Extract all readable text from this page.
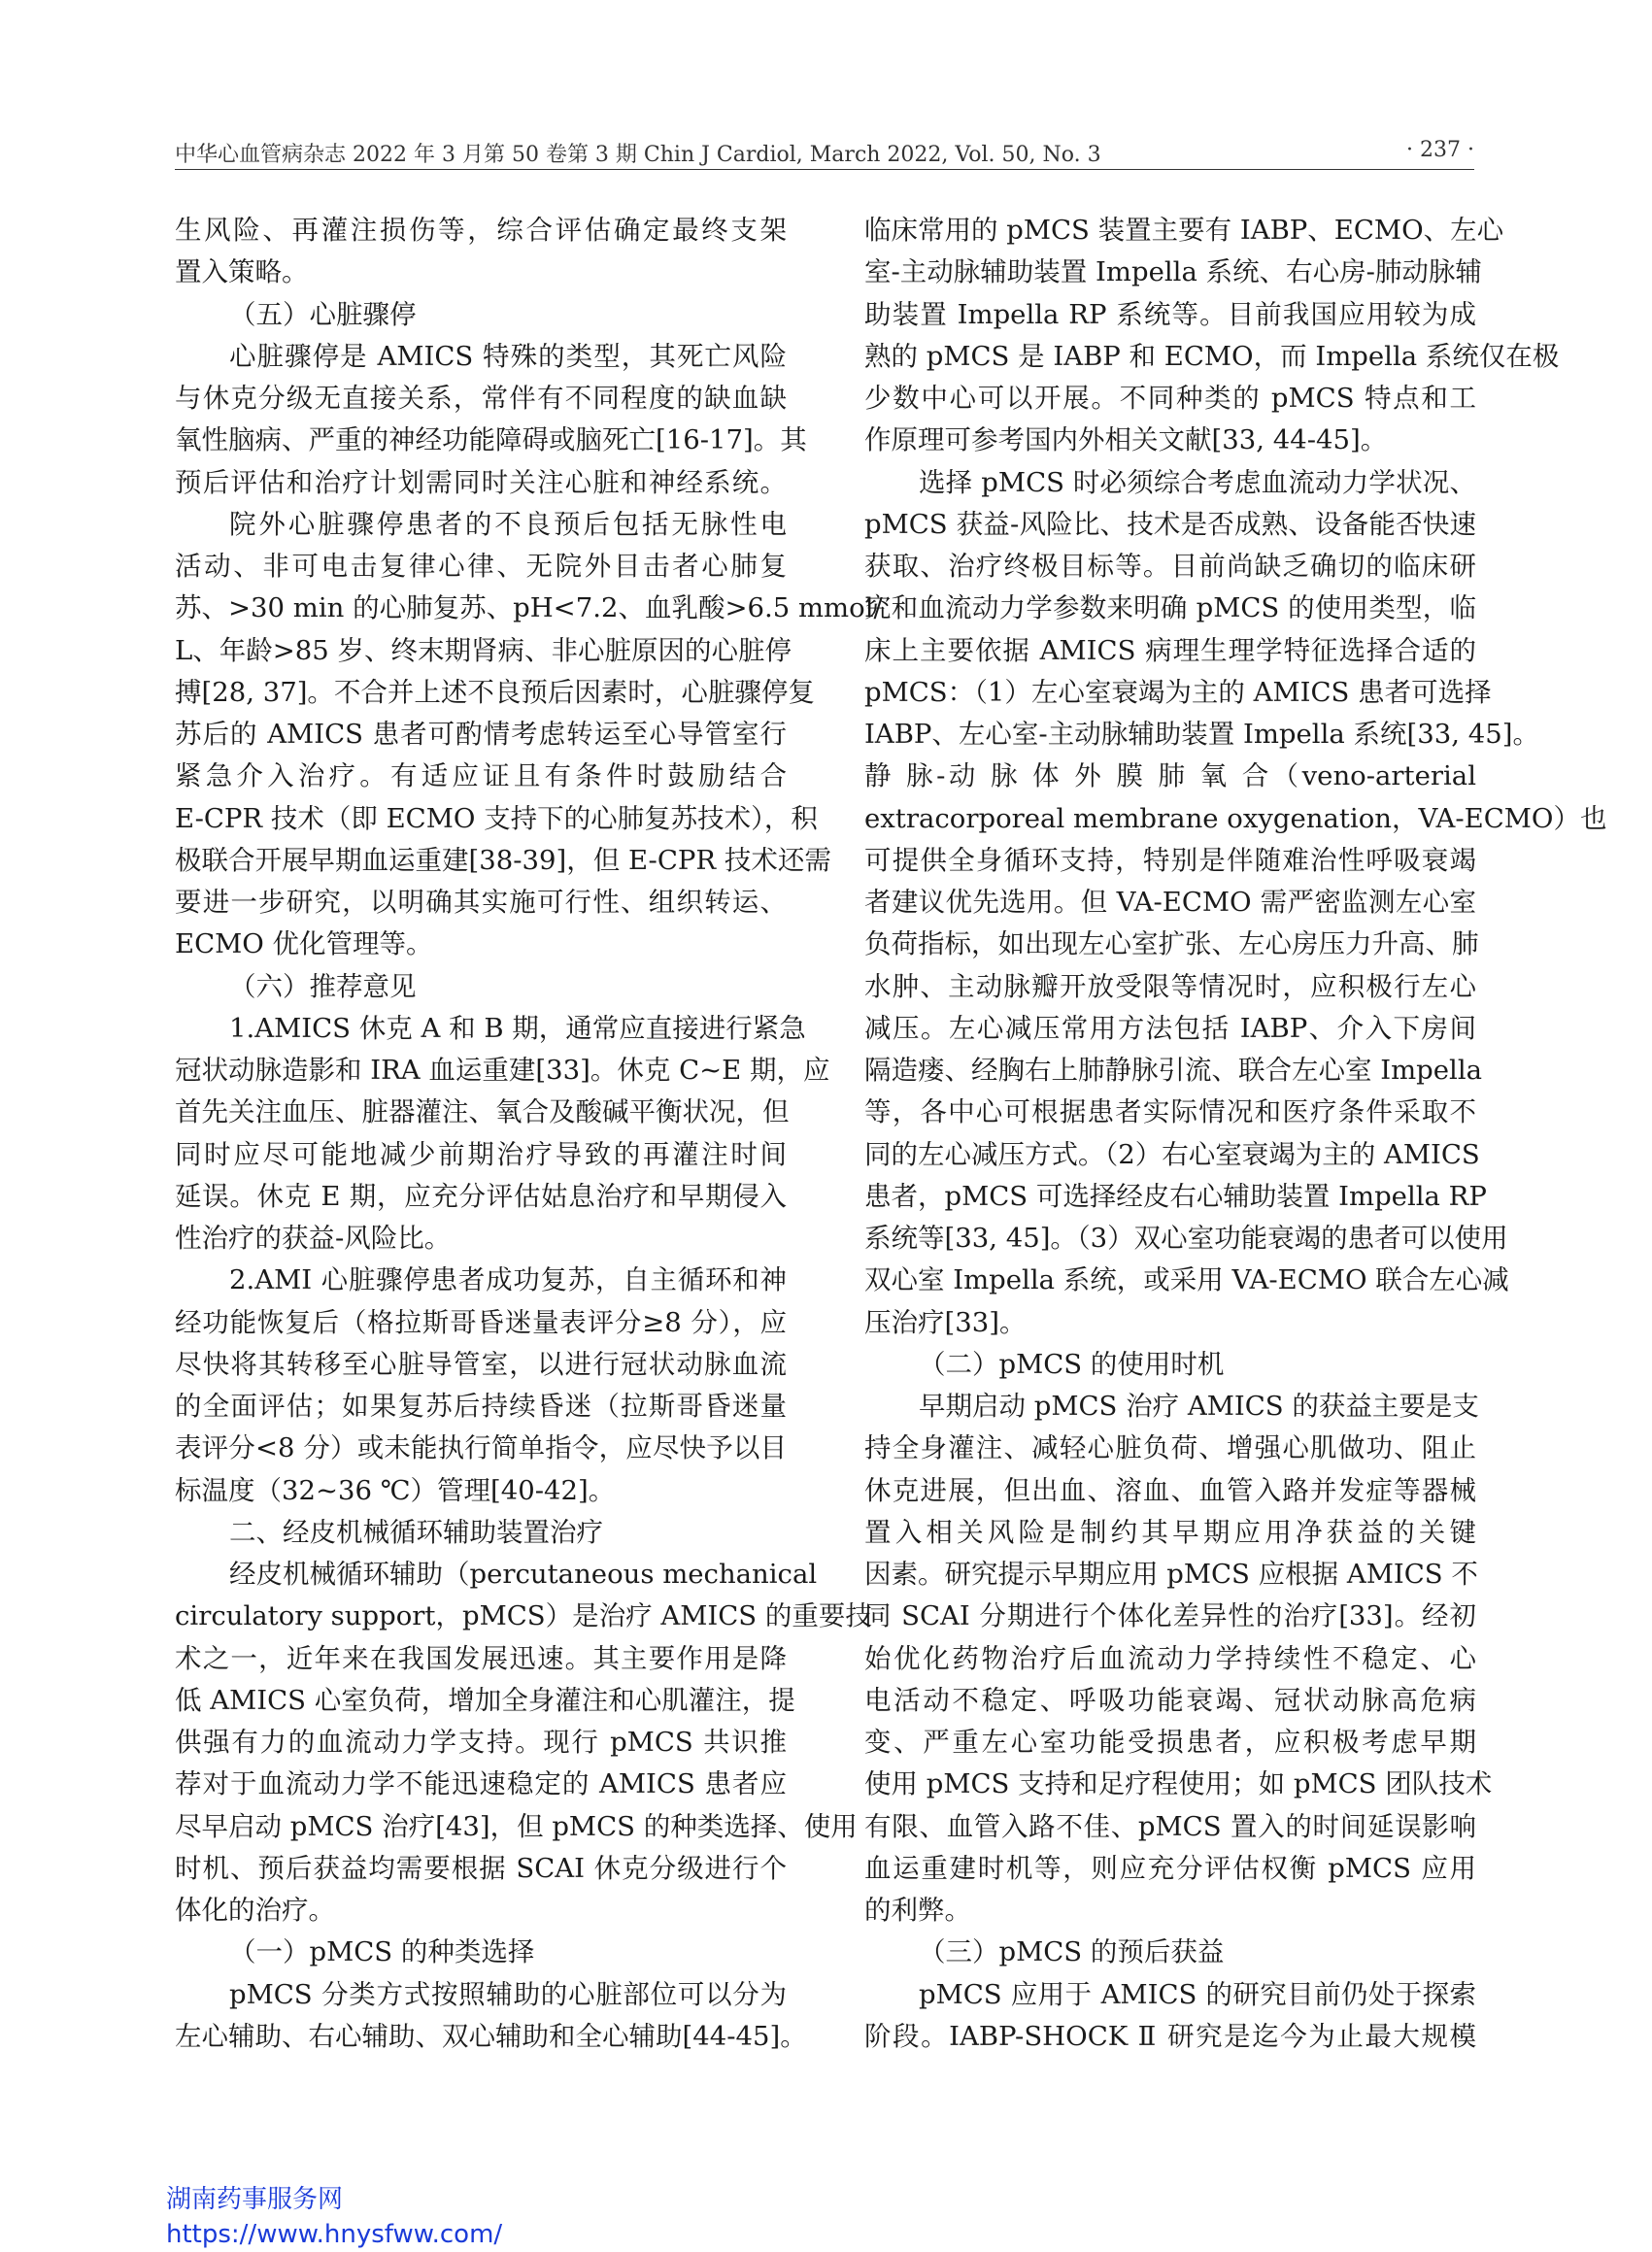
中华心血管病杂志 2022 年 3 月第 50 卷第 3 期 Chin J Cardiol, March 2022, Vol. 50, No. 3	· 237 ·
生风险、再灌注损伤等，综合评估确定最终支架
置入策略。
（五）心脏骤停
心脏骤停是 AMICS 特殊的类型，其死亡风险
与休克分级无直接关系，常伴有不同程度的缺血缺
氧性脑病、严重的神经功能障碍或脑死亡[16-17]。其
预后评估和治疗计划需同时关注心脏和神经系统。
院外心脏骤停患者的不良预后包括无脉性电
活动、非可电击复律心律、无院外目击者心肺复
苏、>30 min 的心肺复苏、pH<7.2、血乳酸>6.5 mmol/
L、年龄>85 岁、终末期肾病、非心脏原因的心脏停
搏[28, 37]。不合并上述不良预后因素时，心脏骤停复
苏后的 AMICS 患者可酌情考虑转运至心导管室行
紧急介入治疗。有适应证且有条件时鼓励结合
E-CPR 技术（即 ECMO 支持下的心肺复苏技术），积
极联合开展早期血运重建[38-39]，但 E-CPR 技术还需
要进一步研究，以明确其实施可行性、组织转运、
ECMO 优化管理等。
（六）推荐意见
1.AMICS 休克 A 和 B 期，通常应直接进行紧急
冠状动脉造影和 IRA 血运重建[33]。休克 C~E 期，应
首先关注血压、脏器灌注、氧合及酸碱平衡状况，但
同时应尽可能地减少前期治疗导致的再灌注时间
延误。休克 E 期，应充分评估姑息治疗和早期侵入
性治疗的获益-风险比。
2.AMI 心脏骤停患者成功复苏，自主循环和神
经功能恢复后（格拉斯哥昏迷量表评分≥8 分），应
尽快将其转移至心脏导管室，以进行冠状动脉血流
的全面评估；如果复苏后持续昏迷（拉斯哥昏迷量
表评分<8 分）或未能执行简单指令，应尽快予以目
标温度（32~36 ℃）管理[40-42]。
二、经皮机械循环辅助装置治疗
经皮机械循环辅助（percutaneous mechanical
circulatory support，pMCS）是治疗 AMICS 的重要技
术之一，近年来在我国发展迅速。其主要作用是降
低 AMICS 心室负荷，增加全身灌注和心肌灌注，提
供强有力的血流动力学支持。现行 pMCS 共识推
荐对于血流动力学不能迅速稳定的 AMICS 患者应
尽早启动 pMCS 治疗[43]，但 pMCS 的种类选择、使用
时机、预后获益均需要根据 SCAI 休克分级进行个
体化的治疗。
（一）pMCS 的种类选择
pMCS 分类方式按照辅助的心脏部位可以分为
左心辅助、右心辅助、双心辅助和全心辅助[44-45]。
临床常用的 pMCS 装置主要有 IABP、ECMO、左心
室-主动脉辅助装置 Impella 系统、右心房-肺动脉辅
助装置 Impella RP 系统等。目前我国应用较为成
熟的 pMCS 是 IABP 和 ECMO，而 Impella 系统仅在极
少数中心可以开展。不同种类的 pMCS 特点和工
作原理可参考国内外相关文献[33, 44-45]。
选择 pMCS 时必须综合考虑血流动力学状况、
pMCS 获益-风险比、技术是否成熟、设备能否快速
获取、治疗终极目标等。目前尚缺乏确切的临床研
究和血流动力学参数来明确 pMCS 的使用类型，临
床上主要依据 AMICS 病理生理学特征选择合适的
pMCS：（1）左心室衰竭为主的 AMICS 患者可选择
IABP、左心室-主动脉辅助装置 Impella 系统[33, 45]。
静 脉-动 脉 体 外 膜 肺 氧 合（veno-arterial
extracorporeal membrane oxygenation，VA-ECMO）也
可提供全身循环支持，特别是伴随难治性呼吸衰竭
者建议优先选用。但 VA-ECMO 需严密监测左心室
负荷指标，如出现左心室扩张、左心房压力升高、肺
水肿、主动脉瓣开放受限等情况时，应积极行左心
减压。左心减压常用方法包括 IABP、介入下房间
隔造瘘、经胸右上肺静脉引流、联合左心室 Impella
等，各中心可根据患者实际情况和医疗条件采取不
同的左心减压方式。（2）右心室衰竭为主的 AMICS
患者，pMCS 可选择经皮右心辅助装置 Impella RP
系统等[33, 45]。（3）双心室功能衰竭的患者可以使用
双心室 Impella 系统，或采用 VA-ECMO 联合左心减
压治疗[33]。
（二）pMCS 的使用时机
早期启动 pMCS 治疗 AMICS 的获益主要是支
持全身灌注、减轻心脏负荷、增强心肌做功、阻止
休克进展，但出血、溶血、血管入路并发症等器械
置入相关风险是制约其早期应用净获益的关键
因素。研究提示早期应用 pMCS 应根据 AMICS 不
同 SCAI 分期进行个体化差异性的治疗[33]。经初
始优化药物治疗后血流动力学持续性不稳定、心
电活动不稳定、呼吸功能衰竭、冠状动脉高危病
变、严重左心室功能受损患者，应积极考虑早期
使用 pMCS 支持和足疗程使用；如 pMCS 团队技术
有限、血管入路不佳、pMCS 置入的时间延误影响
血运重建时机等，则应充分评估权衡 pMCS 应用
的利弊。
（三）pMCS 的预后获益
pMCS 应用于 AMICS 的研究目前仍处于探索
阶段。IABP-SHOCK Ⅱ 研究是迄今为止最大规模
湖南药事服务网
https://www.hnysfww.com/
